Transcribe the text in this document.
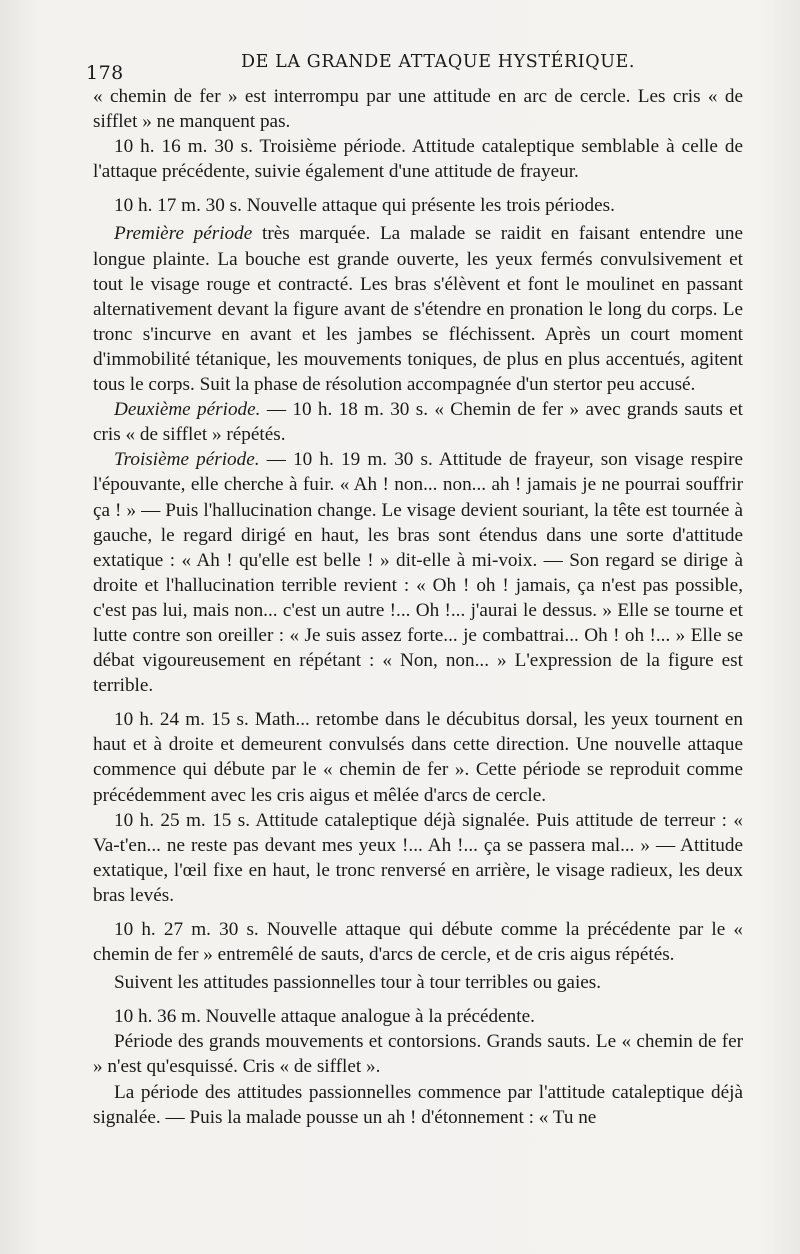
178	DE LA GRANDE ATTAQUE HYSTÉRIQUE.

« chemin de fer » est interrompu par une attitude en arc de cercle. Les cris « de sifflet » ne manquent pas.

10 h. 16 m. 30 s. Troisième période. Attitude cataleptique semblable à celle de l'attaque précédente, suivie également d'une attitude de frayeur.

10 h. 17 m. 30 s. Nouvelle attaque qui présente les trois périodes.

Première période très marquée. La malade se raidit en faisant entendre une longue plainte. La bouche est grande ouverte, les yeux fermés convulsivement et tout le visage rouge et contracté. Les bras s'élèvent et font le moulinet en passant alternativement devant la figure avant de s'étendre en pronation le long du corps. Le tronc s'incurve en avant et les jambes se fléchissent. Après un court moment d'immobilité tétanique, les mouvements toniques, de plus en plus accentués, agitent tous le corps. Suit la phase de résolution accompagnée d'un stertor peu accusé.

Deuxième période. — 10 h. 18 m. 30 s. « Chemin de fer » avec grands sauts et cris « de sifflet » répétés.

Troisième période. — 10 h. 19 m. 30 s. Attitude de frayeur, son visage respire l'épouvante, elle cherche à fuir. « Ah ! non... non... ah ! jamais je ne pourrai souffrir ça ! » — Puis l'hallucination change. Le visage devient souriant, la tête est tournée à gauche, le regard dirigé en haut, les bras sont étendus dans une sorte d'attitude extatique : « Ah ! qu'elle est belle ! » dit-elle à mi-voix. — Son regard se dirige à droite et l'hallucination terrible revient : « Oh ! oh ! jamais, ça n'est pas possible, c'est pas lui, mais non... c'est un autre !... Oh !... j'aurai le dessus. » Elle se tourne et lutte contre son oreiller : « Je suis assez forte... je combattrai... Oh ! oh !... » Elle se débat vigoureusement en répétant : « Non, non... » L'expression de la figure est terrible.

10 h. 24 m. 15 s. Math... retombe dans le décubitus dorsal, les yeux tournent en haut et à droite et demeurent convulsés dans cette direction. Une nouvelle attaque commence qui débute par le « chemin de fer ». Cette période se reproduit comme précédemment avec les cris aigus et mêlée d'arcs de cercle.

10 h. 25 m. 15 s. Attitude cataleptique déjà signalée. Puis attitude de terreur : « Va-t'en... ne reste pas devant mes yeux !... Ah !... ça se passera mal... » — Attitude extatique, l'œil fixe en haut, le tronc renversé en arrière, le visage radieux, les deux bras levés.

10 h. 27 m. 30 s. Nouvelle attaque qui débute comme la précédente par le « chemin de fer » entremêlé de sauts, d'arcs de cercle, et de cris aigus répétés.

Suivent les attitudes passionnelles tour à tour terribles ou gaies.

10 h. 36 m. Nouvelle attaque analogue à la précédente.

Période des grands mouvements et contorsions. Grands sauts. Le « chemin de fer » n'est qu'esquissé. Cris « de sifflet ».

La période des attitudes passionnelles commence par l'attitude cataleptique déjà signalée. — Puis la malade pousse un ah ! d'étonnement : « Tu ne
